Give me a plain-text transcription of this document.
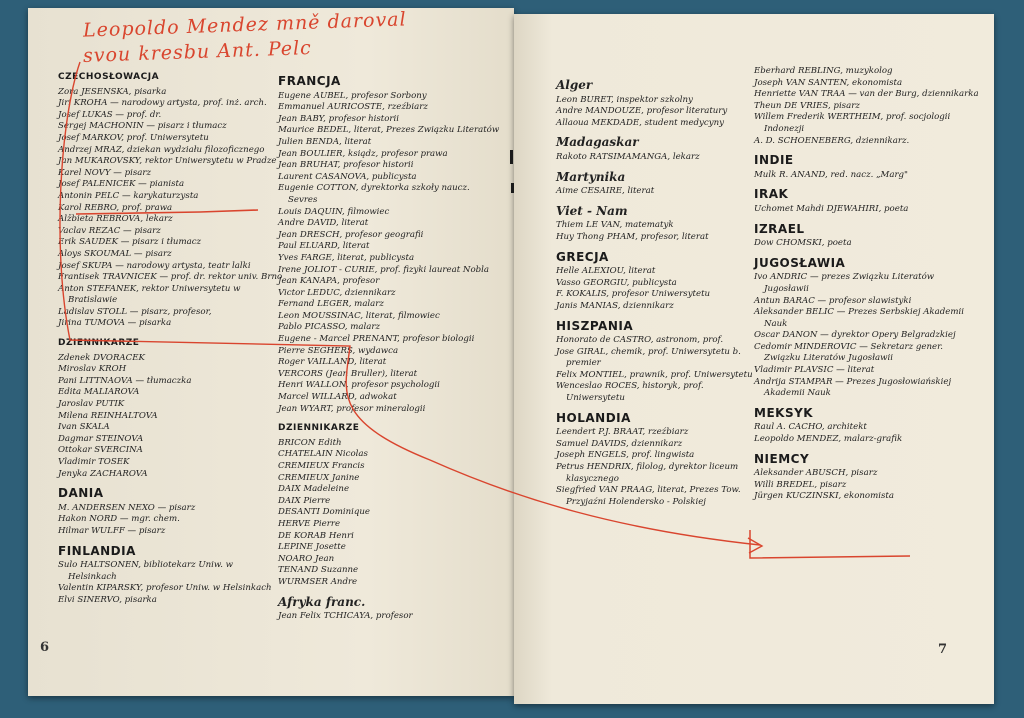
Leopoldo Mendez mně daroval
svou kresbu Ant. Pelc
CZECHOSŁOWACJA
Zora JESENSKA, pisarka
Jiri KROHA — narodowy artysta, prof. inż. arch.
Josef LUKAS — prof. dr.
Sergej MACHONIN — pisarz i tłumacz
Josef MARKOV, prof. Uniwersytetu
Andrzej MRAZ, dziekan wydziału filozoficznego
Jan MUKAROVSKY, rektor Uniwersytetu w Pradze
Karel NOVY — pisarz
Josef PALENICEK — pianista
Antonin PELC — karykaturzysta
Karol REBRO, prof. prawa
Alžbieta REBROVA, lekarz
Vaclav REZAC — pisarz
Erik SAUDEK — pisarz i tłumacz
Aloys SKOUMAL — pisarz
Josef SKUPA — narodowy artysta, teatr lalki
Frantisek TRAVNICEK — prof. dr. rektor univ. Brno
Anton STEFANEK, rektor Uniwersytetu w Bratislawie
Ladislav STOLL — pisarz, profesor,
Jirina TUMOVA — pisarka
DZIENNIKARZE
Zdenek DVORACEK
Miroslav KROH
Pani LITTNAOVA — tłumaczka
Edita MALIAROVA
Jaroslav PUTIK
Milena REINHALTOVA
Ivan SKALA
Dagmar STEINOVA
Ottokar SVERCINA
Vladimir TOSEK
Jenyka ZACHAROVA
DANIA
M. ANDERSEN NEXO — pisarz
Hakon NORD — mgr. chem.
Hilmar WULFF — pisarz
FINLANDIA
Sulo HALTSONEN, bibliotekarz Uniw. w Helsinkach
Valentin KIPARSKY, profesor Uniw. w Helsinkach
Elvi SINERVO, pisarka
FRANCJA
Eugene AUBEL, profesor Sorbony
Emmanuel AURICOSTE, rzeźbiarz
Jean BABY, profesor historii
Maurice BEDEL, literat, Prezes Związku Literatów
Julien BENDA, literat
Jean BOULIER, ksiądz, profesor prawa
Jean BRUHAT, profesor historii
Laurent CASANOVA, publicysta
Eugenie COTTON, dyrektorka szkoły naucz. Sevres
Louis DAQUIN, filmowiec
Andre DAVID, literat
Jean DRESCH, profesor geografii
Paul ELUARD, literat
Yves FARGE, literat, publicysta
Irene JOLIOT - CURIE, prof. fizyki laureat Nobla
Jean KANAPA, profesor
Victor LEDUC, dziennikarz
Fernand LEGER, malarz
Leon MOUSSINAC, literat, filmowiec
Pablo PICASSO, malarz
Eugene - Marcel PRENANT, profesor biologii
Pierre SEGHERS, wydawca
Roger VAILLAND, literat
VERCORS (Jean Bruller), literat
Henri WALLON, profesor psychologii
Marcel WILLARD, adwokat
Jean WYART, profesor mineralogii
DZIENNIKARZE
BRICON Edith
CHATELAIN Nicolas
CREMIEUX Francis
CREMIEUX Janine
DAIX Madeleine
DAIX Pierre
DESANTI Dominique
HERVE Pierre
DE KORAB Henri
LEPINE Josette
NOARO Jean
TENAND Suzanne
WURMSER Andre
Afryka franc.
Jean Felix TCHICAYA, profesor
6
Alger
Leon BURET, inspektor szkolny
Andre MANDOUZE, profesor literatury
Allaoua MEKDADE, student medycyny
Madagaskar
Rakoto RATSIMAMANGA, lekarz
Martynika
Aime CESAIRE, literat
Viet - Nam
Thiem LE VAN, matematyk
Huy Thong PHAM, profesor, literat
GRECJA
Helle ALEXIOU, literat
Vasso GEORGIU, publicysta
F. KOKALIS, profesor Uniwersytetu
Janis MANIAS, dziennikarz
HISZPANIA
Honorato de CASTRO, astronom, prof.
Jose GIRAL, chemik, prof. Uniwersytetu b. premier
Felix MONTIEL, prawnik, prof. Uniwersytetu
Wenceslao ROCES, historyk, prof. Uniwersytetu
HOLANDIA
Leendert P.J. BRAAT, rzeźbiarz
Samuel DAVIDS, dziennikarz
Joseph ENGELS, prof. lingwista
Petrus HENDRIX, filolog, dyrektor liceum klasycznego
Siegfried VAN PRAAG, literat, Prezes Tow. Przyjaźni Holendersko - Polskiej
Eberhard REBLING, muzykolog
Joseph VAN SANTEN, ekonomista
Henriette VAN TRAA — van der Burg, dziennikarka
Theun DE VRIES, pisarz
Willem Frederik WERTHEIM, prof. socjologii Indonezji
A. D. SCHOENEBERG, dziennikarz.
INDIE
Mulk R. ANAND, red. nacz. „Marg"
IRAK
Uchomet Mahdi DJEWAHIRI, poeta
IZRAEL
Dow CHOMSKI, poeta
JUGOSŁAWIA
Ivo ANDRIC — prezes Związku Literatów Jugosławii
Antun BARAC — profesor slawistyki
Aleksander BELIC — Prezes Serbskiej Akademii Nauk
Oscar DANON — dyrektor Opery Belgradzkiej
Cedomir MINDEROVIC — Sekretarz gener. Związku Literatów Jugosławii
Vladimir PLAVSIC — literat
Andrija STAMPAR — Prezes Jugosłowiańskiej Akademii Nauk
MEKSYK
Raul A. CACHO, architekt
Leopoldo MENDEZ, malarz-grafik
NIEMCY
Aleksander ABUSCH, pisarz
Willi BREDEL, pisarz
Jürgen KUCZINSKI, ekonomista
7
